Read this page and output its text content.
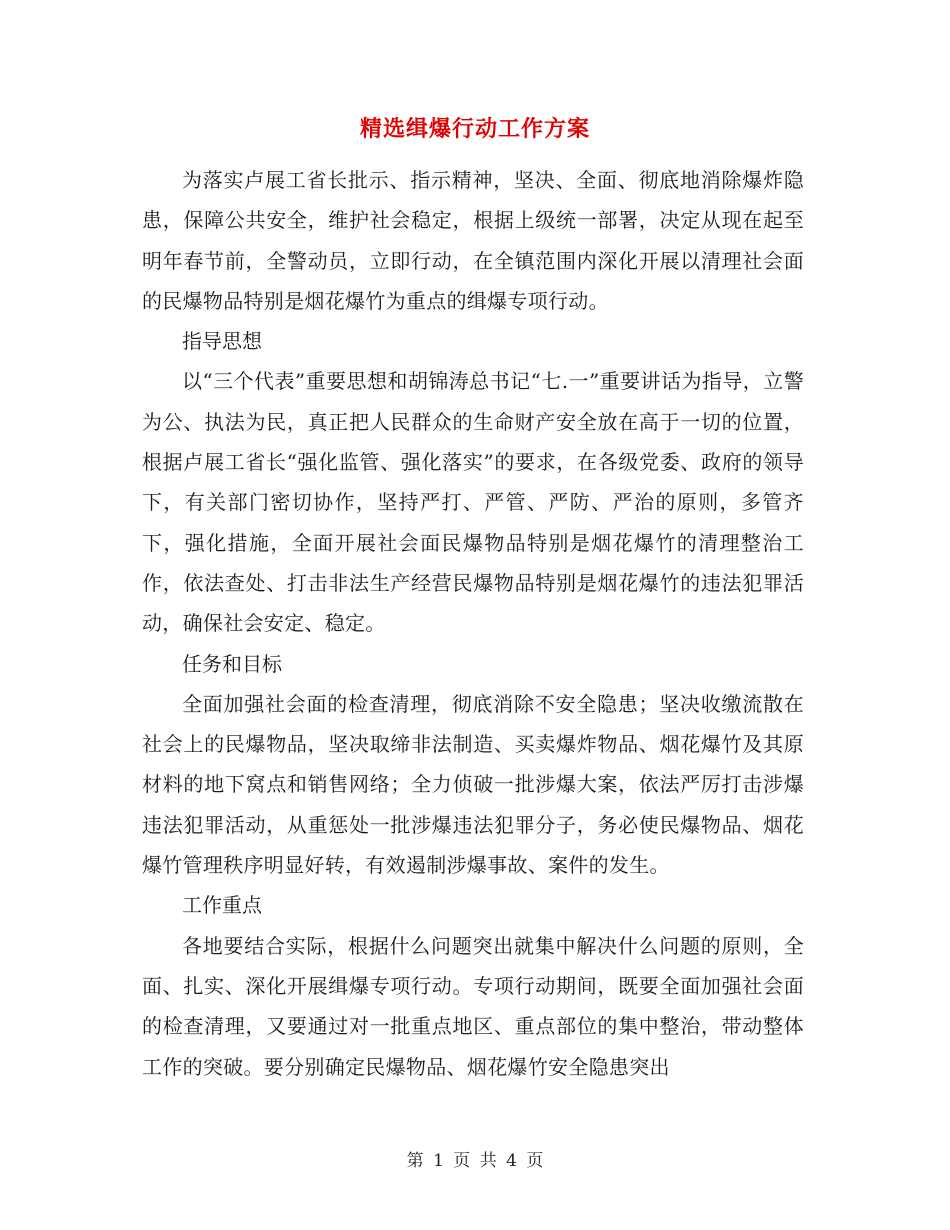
精选缉爆行动工作方案

为落实卢展工省长批示、指示精神，坚决、全面、彻底地消除爆炸隐患，保障公共安全，维护社会稳定，根据上级统一部署，决定从现在起至明年春节前，全警动员，立即行动，在全镇范围内深化开展以清理社会面的民爆物品特别是烟花爆竹为重点的缉爆专项行动。

指导思想

以“三个代表”重要思想和胡锦涛总书记“七.一”重要讲话为指导，立警为公、执法为民，真正把人民群众的生命财产安全放在高于一切的位置，根据卢展工省长“强化监管、强化落实”的要求，在各级党委、政府的领导下，有关部门密切协作，坚持严打、严管、严防、严治的原则，多管齐下，强化措施，全面开展社会面民爆物品特别是烟花爆竹的清理整治工作，依法查处、打击非法生产经营民爆物品特别是烟花爆竹的违法犯罪活动，确保社会安定、稳定。

任务和目标

全面加强社会面的检查清理，彻底消除不安全隐患；坚决收缴流散在社会上的民爆物品，坚决取缔非法制造、买卖爆炸物品、烟花爆竹及其原材料的地下窝点和销售网络；全力侦破一批涉爆大案，依法严厉打击涉爆违法犯罪活动，从重惩处一批涉爆违法犯罪分子，务必使民爆物品、烟花爆竹管理秩序明显好转，有效遏制涉爆事故、案件的发生。

工作重点

各地要结合实际，根据什么问题突出就集中解决什么问题的原则，全面、扎实、深化开展缉爆专项行动。专项行动期间，既要全面加强社会面的检查清理，又要通过对一批重点地区、重点部位的集中整治，带动整体工作的突破。要分别确定民爆物品、烟花爆竹安全隐患突出

第 1 页 共 4 页
